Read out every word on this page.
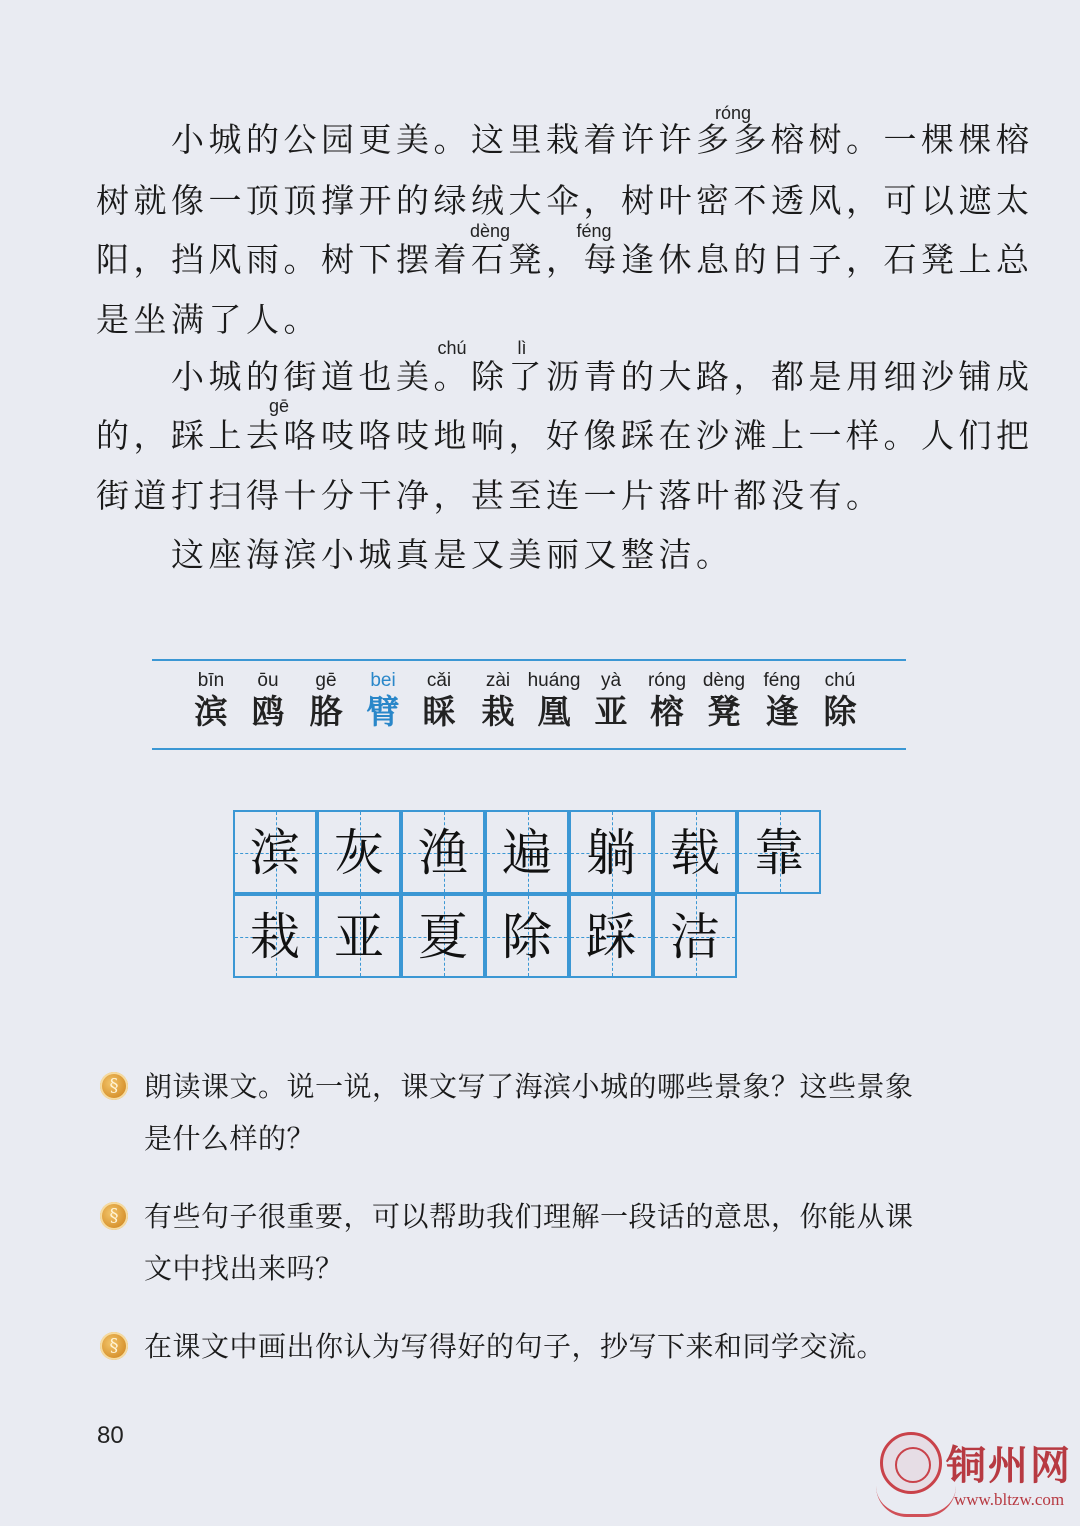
　　小城的公园更美。这里栽着许许多多榕树。一棵棵榕
树就像一顶顶撑开的绿绒大伞，树叶密不透风，可以遮太
阳，挡风雨。树下摆着石凳，每逢休息的日子，石凳上总
是坐满了人。
　　小城的街道也美。除了沥青的大路，都是用细沙铺成
的，踩上去咯吱咯吱地响，好像踩在沙滩上一样。人们把
街道打扫得十分干净，甚至连一片落叶都没有。
　　这座海滨小城真是又美丽又整洁。
róng
dèng	féng
chú	lì
gē
bīn
滨
ōu
鸥
gē
胳
bei
臂
cǎi
睬
zài
栽
huáng
凰
yà
亚
róng
榕
dèng
凳
féng
逢
chú
除
滨 灰 渔 遍 躺 载 靠
栽 亚 夏 除 踩 洁
§
朗读课文。说一说，课文写了海滨小城的哪些景象？这些景象
是什么样的？
§
有些句子很重要，可以帮助我们理解一段话的意思，你能从课
文中找出来吗？
§
在课文中画出你认为写得好的句子，抄写下来和同学交流。
80
铜州网
www.bltzw.com
